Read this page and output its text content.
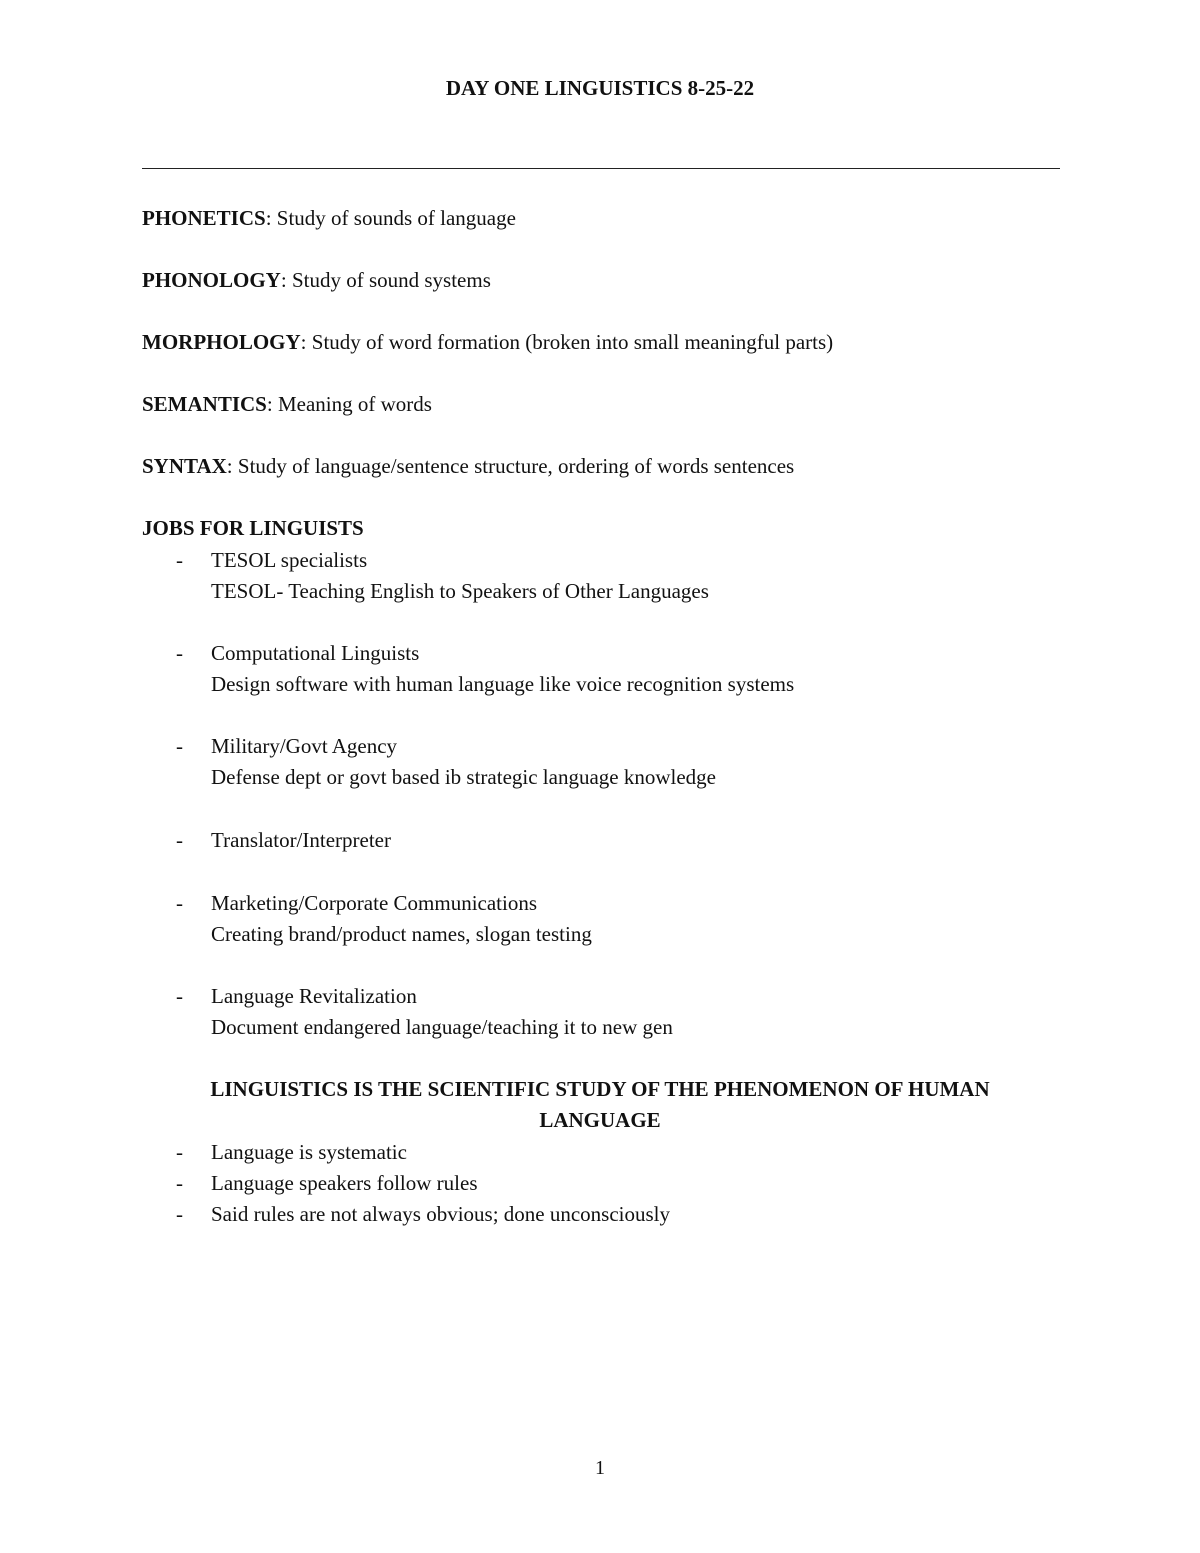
DAY ONE LINGUISTICS 8-25-22
PHONETICS: Study of sounds of language
PHONOLOGY: Study of sound systems
MORPHOLOGY: Study of word formation (broken into small meaningful parts)
SEMANTICS: Meaning of words
SYNTAX: Study of language/sentence structure, ordering of words sentences
JOBS FOR LINGUISTS
- TESOL specialists
TESOL- Teaching English to Speakers of Other Languages
- Computational Linguists
Design software with human language like voice recognition systems
- Military/Govt Agency
Defense dept or govt based ib strategic language knowledge
- Translator/Interpreter
- Marketing/Corporate Communications
Creating brand/product names, slogan testing
- Language Revitalization
Document endangered language/teaching it to new gen
LINGUISTICS IS THE SCIENTIFIC STUDY OF THE PHENOMENON OF HUMAN
LANGUAGE
- Language is systematic
- Language speakers follow rules
- Said rules are not always obvious; done unconsciously
1
